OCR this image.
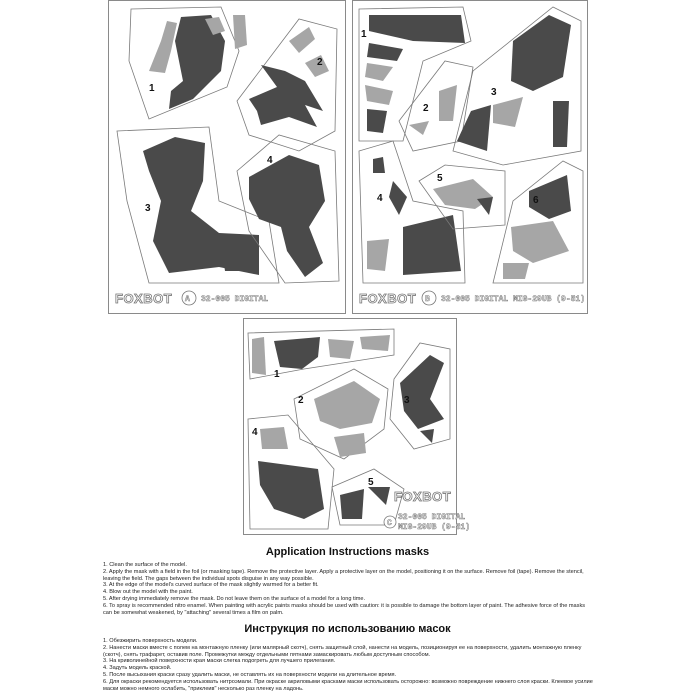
1
2
3
4
FOXBOT A 32-005 DIGITAL
1
2
3
4
5
6
FOXBOT B 32-005 DIGITAL MIG-29UB (9-51)
1
2	3
4
5
FOXBOT
C
32-005 DIGITAL
MIG-29UB (9-51)
Application Instructions masks

1. Clean the surface of the model.

2. Apply the mask with a field in the foil (or masking tape). Remove the protective layer. Apply a protective layer on the model, positioning it on the surface. Remove foil (tape). Remove the stencil, leaving the field. The gaps between the individual spots disguise in any way possible.

3. At the edge of the model's curved surface of the mask slightly warmed for a better fit.

4. Blow out the model with the paint.

5. After drying immediately remove the mask. Do not leave them on the surface of a model for a long time.

6. To spray is recommended nitro enamel. When painting with acrylic paints masks should be used with caution: it is possible to damage the bottom layer of paint. The adhesive force of the masks can be somewhat weakened, by "attaching" several times a film on palm.

Инструкция по использованию масок

1. Обезжирить поверхность модели.

2. Нанести маски вместе с полем на монтажную пленку (или малярный скотч), снять защитный слой, нанести на модель, позиционируя ее на поверхности, удалить монтажную пленку (скотч), снять трафарет, оставив поле. Промежутки между отдельными пятнами замаскировать любым доступным способом.

3. На криволинейной поверхности края маски слегка подогреть для лучшего прилегания.

4. Задуть модель краской.

5. После высыхания краски сразу удалить маски, не оставлять их на поверхности модели на длительное время.

6. Для окраски рекомендуется использовать нитроэмали. При окраске акриловыми красками маски использовать осторожно: возможно повреждение нижнего слоя краски. Клеевое усилие маски можно немного ослабить, "приклеив" несколько раз пленку на ладонь.
